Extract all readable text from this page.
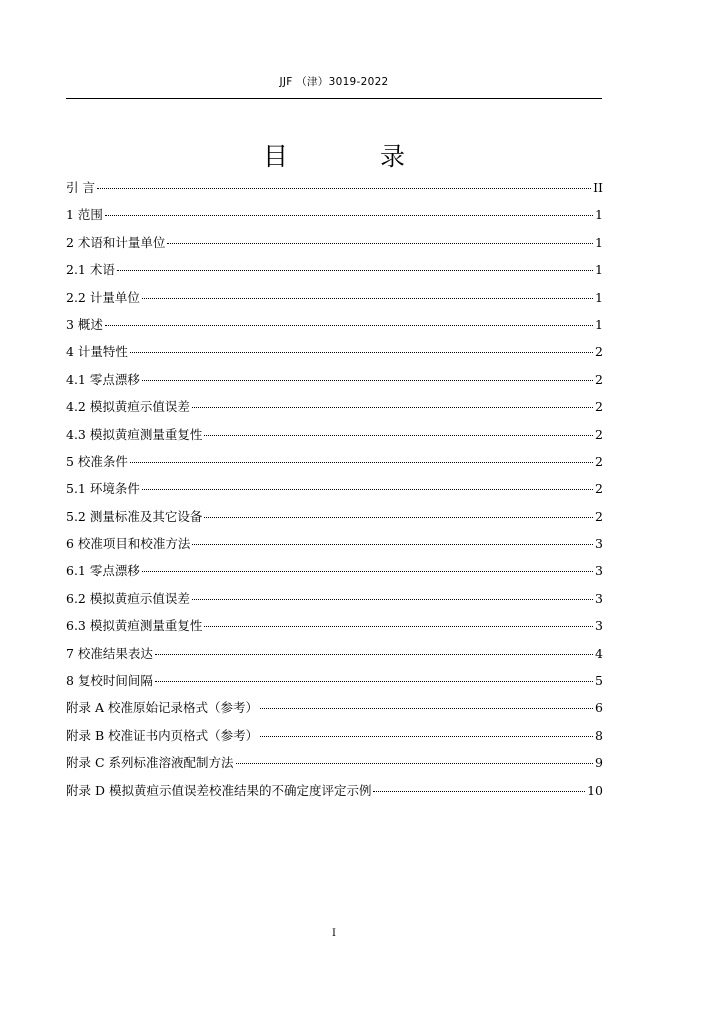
JJF （津）3019-2022
目 录
引 言	II
1 范围	1
2 术语和计量单位	1
2.1 术语	1
2.2 计量单位	1
3 概述	1
4 计量特性	2
4.1 零点漂移	2
4.2 模拟黄疸示值误差	2
4.3 模拟黄疸测量重复性	2
5 校准条件	2
5.1 环境条件	2
5.2 测量标准及其它设备	2
6 校准项目和校准方法	3
6.1 零点漂移	3
6.2 模拟黄疸示值误差	3
6.3 模拟黄疸测量重复性	3
7 校准结果表达	4
8 复校时间间隔	5
附录 A 校准原始记录格式（参考）	6
附录 B 校准证书内页格式（参考）	8
附录 C 系列标准溶液配制方法	9
附录 D 模拟黄疸示值误差校准结果的不确定度评定示例	10
I
